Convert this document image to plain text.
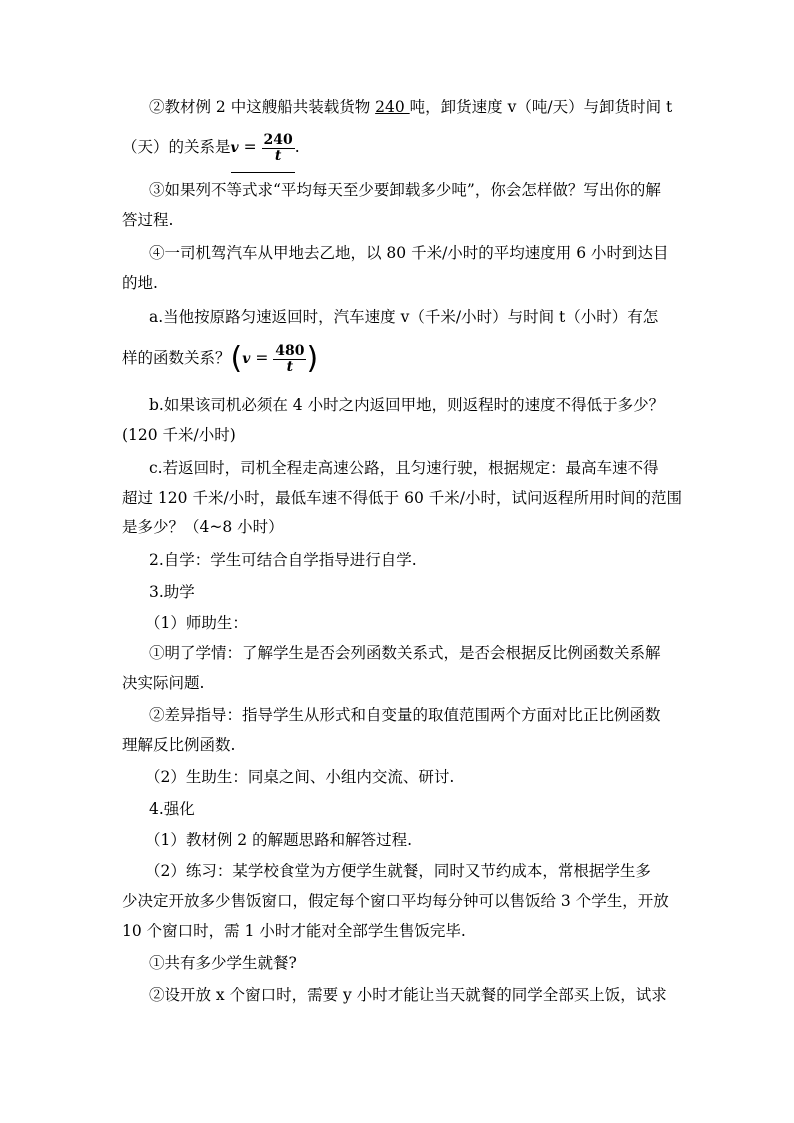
②教材例 2 中这艘船共装载货物 240 吨，卸货速度 v（吨/天）与卸货时间 t
（天）的关系是$v = \frac{240}{t}$ .
③如果列不等式求“平均每天至少要卸载多少吨”，你会怎样做？写出你的解
答过程.
④一司机驾汽车从甲地去乙地，以 80 千米/小时的平均速度用 6 小时到达目
的地.
a.当他按原路匀速返回时，汽车速度 v（千米/小时）与时间 t（小时）有怎
样的函数关系？($v = \frac{480}{t}$ )
b.如果该司机必须在 4 小时之内返回甲地，则返程时的速度不得低于多少？
(120 千米/小时)
c.若返回时，司机全程走高速公路，且匀速行驶，根据规定：最高车速不得
超过 120 千米/小时，最低车速不得低于 60 千米/小时，试问返程所用时间的范围
是多少？（4~8 小时）
2.自学：学生可结合自学指导进行自学.
3.助学
（1）师助生：
①明了学情：了解学生是否会列函数关系式，是否会根据反比例函数关系解
决实际问题.
②差异指导：指导学生从形式和自变量的取值范围两个方面对比正比例函数
理解反比例函数.
（2）生助生：同桌之间、小组内交流、研讨.
4.强化
（1）教材例 2 的解题思路和解答过程.
（2）练习：某学校食堂为方便学生就餐，同时又节约成本，常根据学生多
少决定开放多少售饭窗口，假定每个窗口平均每分钟可以售饭给 3 个学生，开放
10 个窗口时，需 1 小时才能对全部学生售饭完毕.
①共有多少学生就餐?
②设开放 x 个窗口时，需要 y 小时才能让当天就餐的同学全部买上饭，试求
